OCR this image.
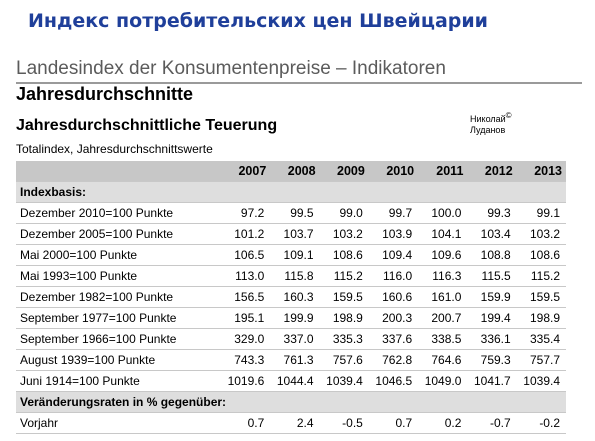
Индекс потребительских цен Швейцарии
Landesindex der Konsumentenpreise – Indikatoren
Jahresdurchschnitte
Jahresdurchschnittliche Teuerung	Николай©
Луданов
Totalindex, Jahresdurchschnittswerte
	2007	2008	2009	2010	2011	2012	2013
Indexbasis:							
Dezember 2010=100 Punkte	97.2	99.5	99.0	99.7	100.0	99.3	99.1
Dezember 2005=100 Punkte	101.2	103.7	103.2	103.9	104.1	103.4	103.2
Mai 2000=100 Punkte	106.5	109.1	108.6	109.4	109.6	108.8	108.6
Mai 1993=100 Punkte	113.0	115.8	115.2	116.0	116.3	115.5	115.2
Dezember 1982=100 Punkte	156.5	160.3	159.5	160.6	161.0	159.9	159.5
September 1977=100 Punkte	195.1	199.9	198.9	200.3	200.7	199.4	198.9
September 1966=100 Punkte	329.0	337.0	335.3	337.6	338.5	336.1	335.4
August 1939=100 Punkte	743.3	761.3	757.6	762.8	764.6	759.3	757.7
Juni 1914=100 Punkte	1019.6	1044.4	1039.4	1046.5	1049.0	1041.7	1039.4
Veränderungsraten in % gegenüber:							
Vorjahr	0.7	2.4	-0.5	0.7	0.2	-0.7	-0.2
